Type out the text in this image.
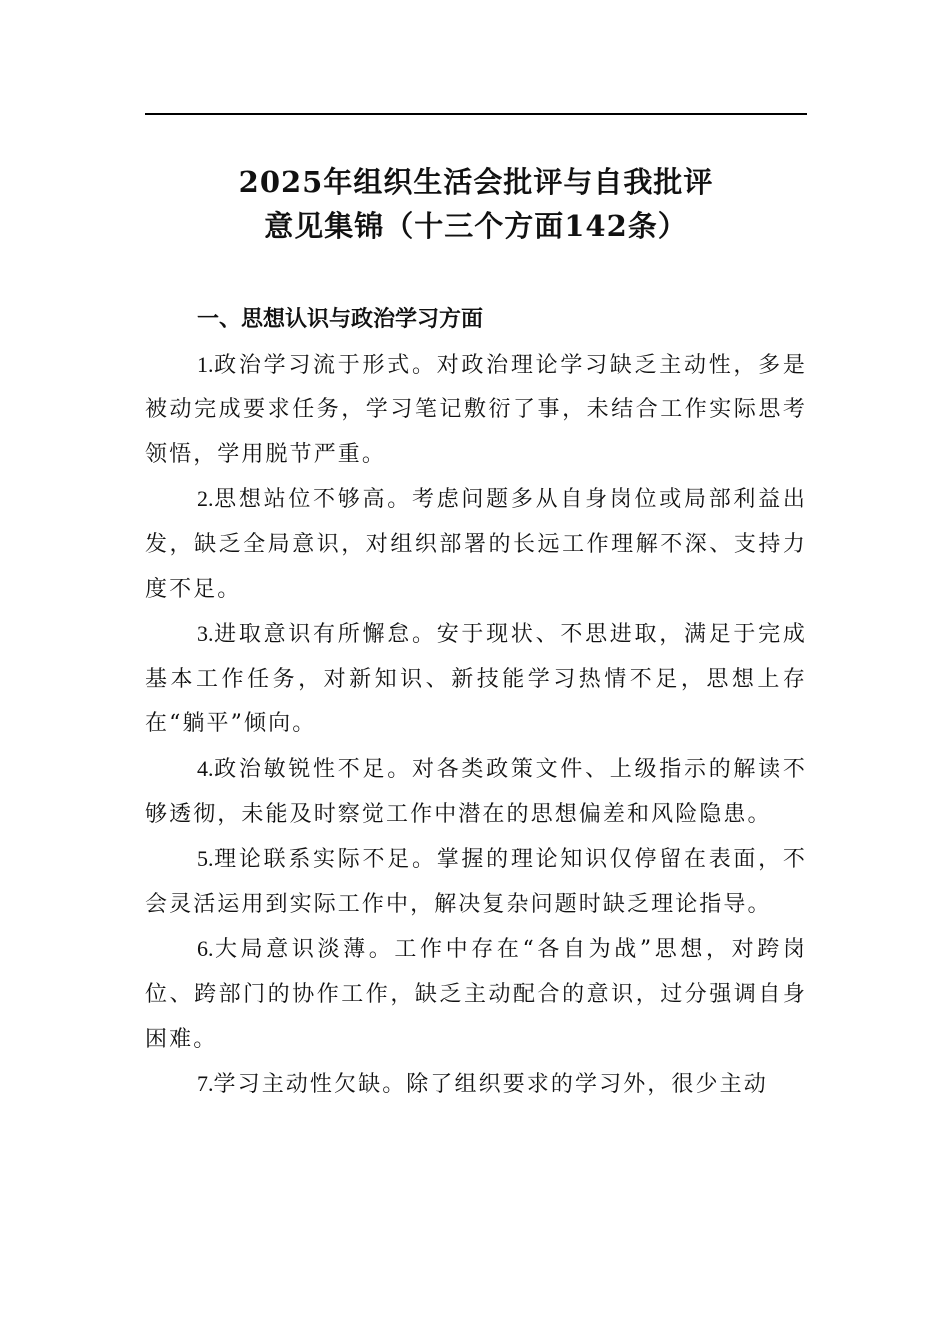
2025年组织生活会批评与自我批评
意见集锦（十三个方面142条）

一、思想认识与政治学习方面

1.政治学习流于形式。对政治理论学习缺乏主动性，多是被动完成要求任务，学习笔记敷衍了事，未结合工作实际思考领悟，学用脱节严重。

2.思想站位不够高。考虑问题多从自身岗位或局部利益出发，缺乏全局意识，对组织部署的长远工作理解不深、支持力度不足。

3.进取意识有所懈怠。安于现状、不思进取，满足于完成基本工作任务，对新知识、新技能学习热情不足，思想上存在“躺平”倾向。

4.政治敏锐性不足。对各类政策文件、上级指示的解读不够透彻，未能及时察觉工作中潜在的思想偏差和风险隐患。

5.理论联系实际不足。掌握的理论知识仅停留在表面，不会灵活运用到实际工作中，解决复杂问题时缺乏理论指导。

6.大局意识淡薄。工作中存在“各自为战”思想，对跨岗位、跨部门的协作工作，缺乏主动配合的意识，过分强调自身困难。

7.学习主动性欠缺。除了组织要求的学习外，很少主动
